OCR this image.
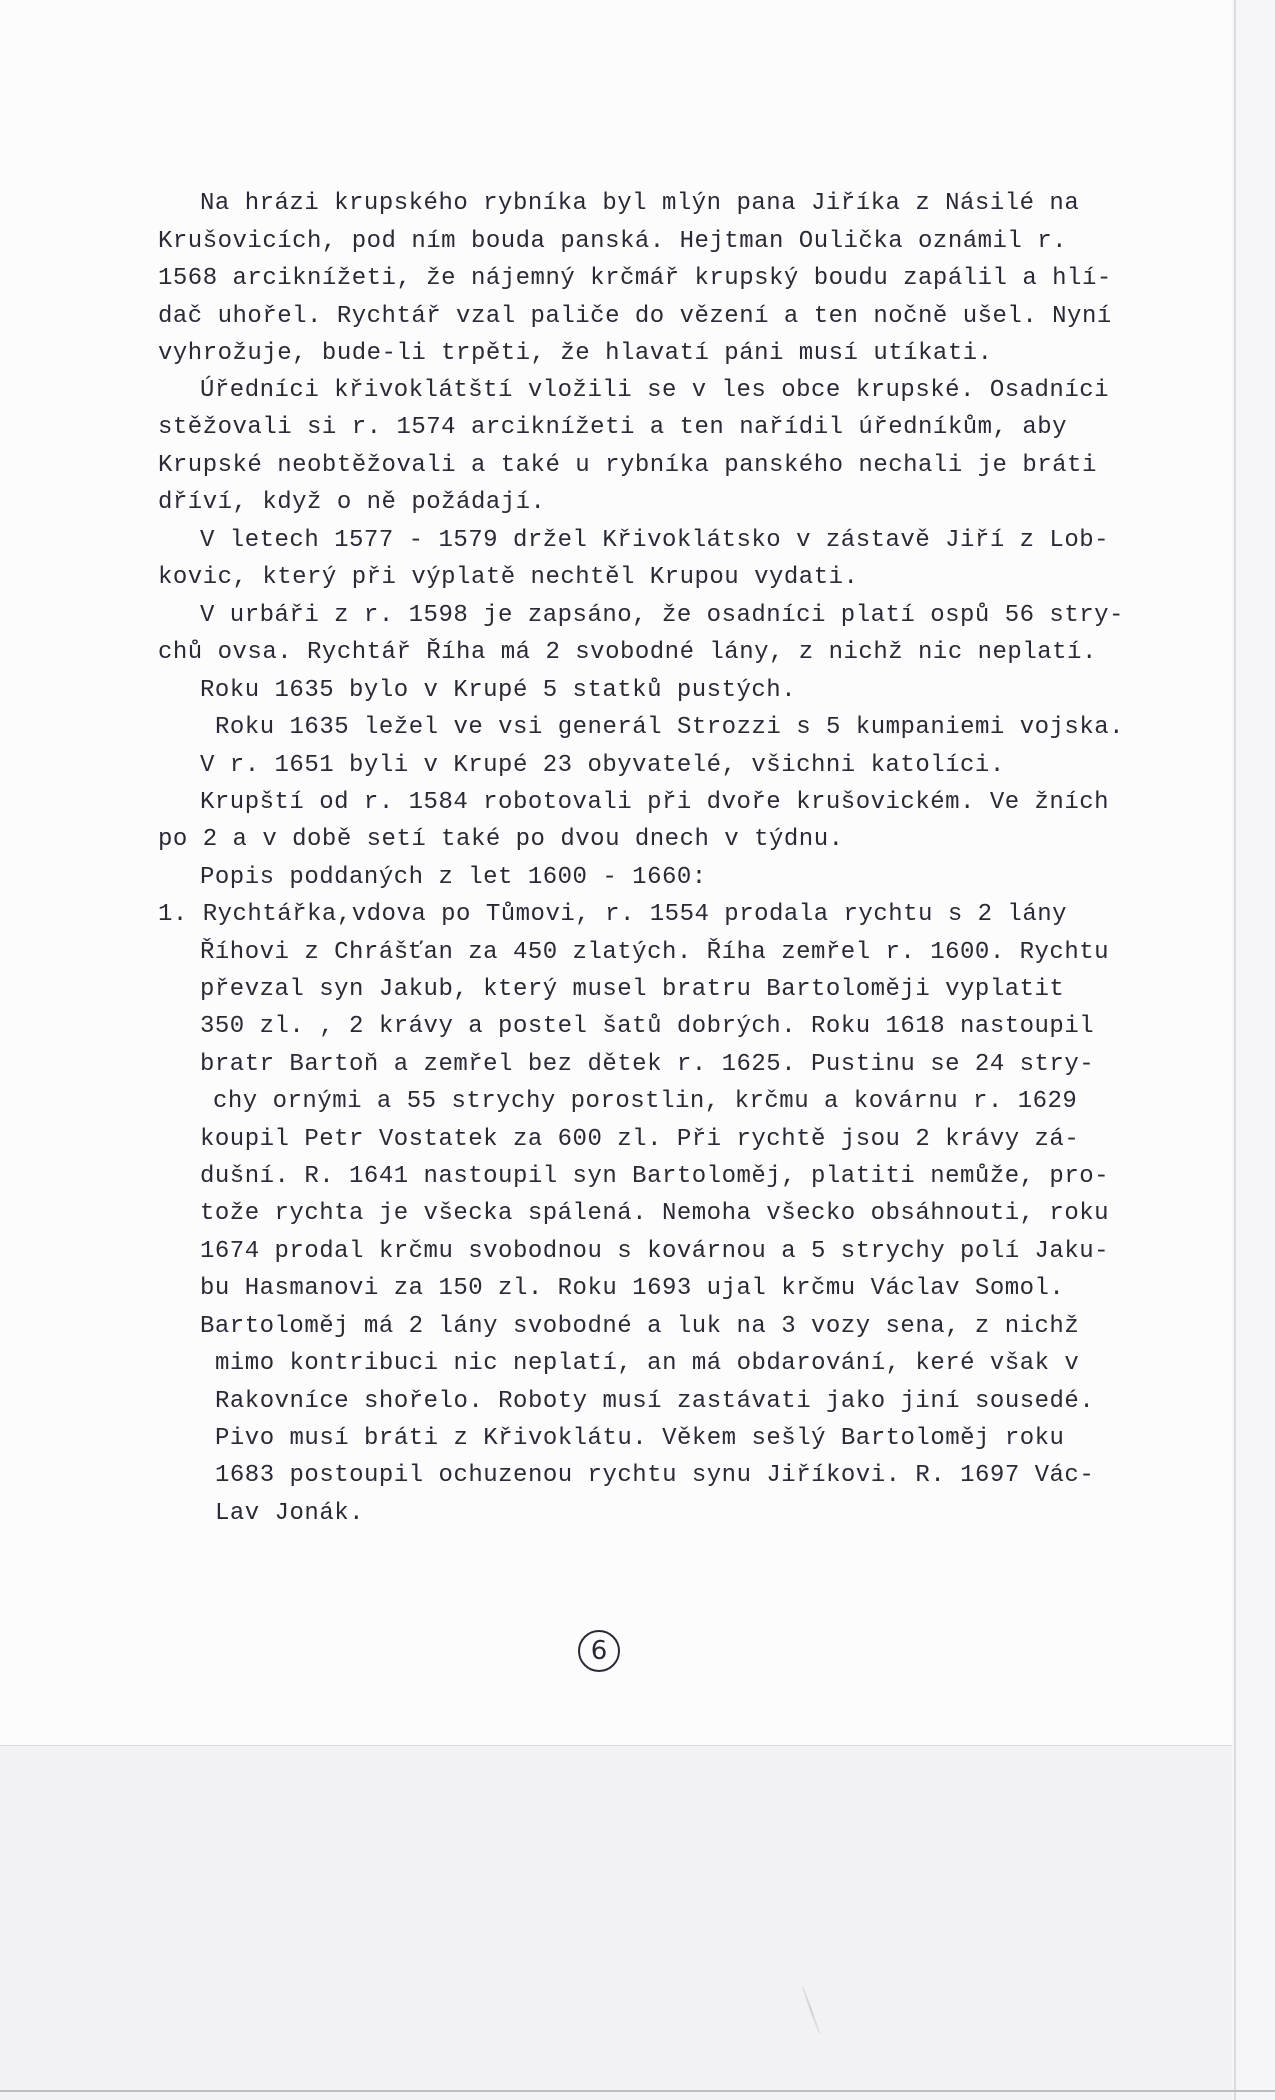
Na hrázi krupského rybníka byl mlýn pana Jiříka z Násilé na
Krušovicích, pod ním bouda panská. Hejtman Oulička oznámil r.
1568 arciknížeti, že nájemný krčmář krupský boudu zapálil a hlí-
dač uhořel. Rychtář vzal paliče do vězení a ten nočně ušel. Nyní
vyhrožuje, bude-li trpěti, že hlavatí páni musí utíkati.
Úředníci křivoklátští vložili se v les obce krupské. Osadníci
stěžovali si r. 1574 arciknížeti a ten nařídil úředníkům, aby
Krupské neobtěžovali a také u rybníka panského nechali je bráti
dříví, když o ně požádají.
V letech 1577 - 1579 držel Křivoklátsko v zástavě Jiří z Lob-
kovic, který při výplatě nechtěl Krupou vydati.
V urbáři z r. 1598 je zapsáno, že osadníci platí ospů 56 stry-
chů ovsa. Rychtář Říha má 2 svobodné lány, z nichž nic neplatí.
Roku 1635 bylo v Krupé 5 statků pustých.
Roku 1635 ležel ve vsi generál Strozzi s 5 kumpaniemi vojska.
V r. 1651 byli v Krupé 23 obyvatelé, všichni katolíci.
Krupští od r. 1584 robotovali při dvoře krušovickém. Ve žních
po 2 a v době setí také po dvou dnech v týdnu.
Popis poddaných z let 1600 - 1660:
1. Rychtářka,vdova po Tůmovi, r. 1554 prodala rychtu s 2 lány
Říhovi z Chrášťan za 450 zlatých. Říha zemřel r. 1600. Rychtu
převzal syn Jakub, který musel bratru Bartoloměji vyplatit
350 zl. , 2 krávy a postel šatů dobrých. Roku 1618 nastoupil
bratr Bartoň a zemřel bez dětek r. 1625. Pustinu se 24 stry-
chy ornými a 55 strychy porostlin, krčmu a kovárnu r. 1629
koupil Petr Vostatek za 600 zl. Při rychtě jsou 2 krávy zá-
dušní. R. 1641 nastoupil syn Bartoloměj, platiti nemůže, pro-
tože rychta je všecka spálená. Nemoha všecko obsáhnouti, roku
1674 prodal krčmu svobodnou s kovárnou a 5 strychy polí Jaku-
bu Hasmanovi za 150 zl. Roku 1693 ujal krčmu Václav Somol.
Bartoloměj má 2 lány svobodné a luk na 3 vozy sena, z nichž
mimo kontribuci nic neplatí, an má obdarování, keré však v
Rakovníce shořelo. Roboty musí zastávati jako jiní sousedé.
Pivo musí bráti z Křivoklátu. Věkem sešlý Bartoloměj roku
1683 postoupil ochuzenou rychtu synu Jiříkovi. R. 1697 Vác-
Lav Jonák.
6
